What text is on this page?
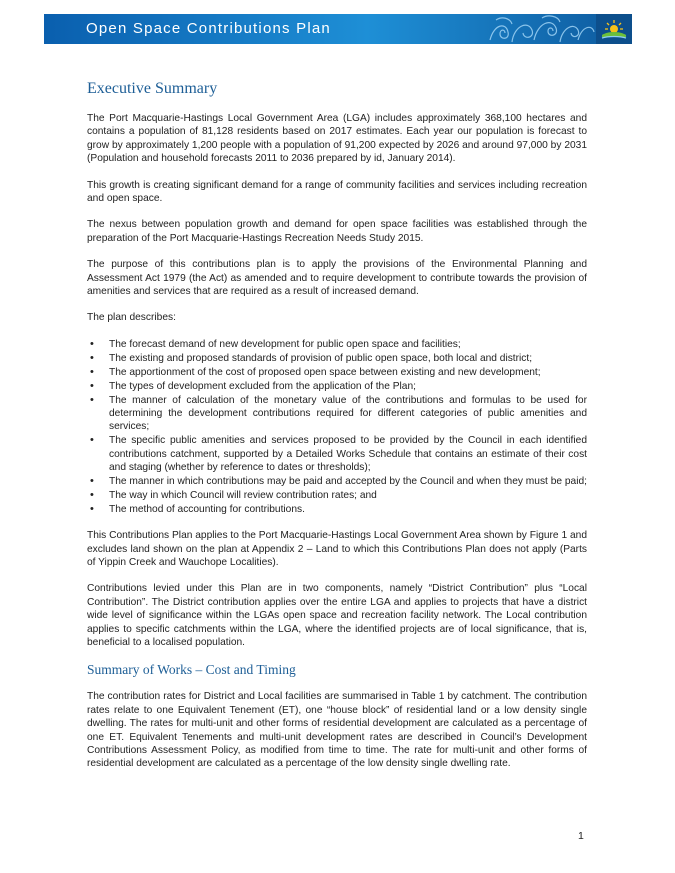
Open Space Contributions Plan
Executive Summary

The Port Macquarie-Hastings Local Government Area (LGA) includes approximately 368,100 hectares and contains a population of 81,128 residents based on 2017 estimates. Each year our population is forecast to grow by approximately 1,200 people with a population of 91,200 expected by 2026 and around 97,000 by 2031 (Population and household forecasts 2011 to 2036 prepared by id, January 2014).

This growth is creating significant demand for a range of community facilities and services including recreation and open space.

The nexus between population growth and demand for open space facilities was established through the preparation of the Port Macquarie-Hastings Recreation Needs Study 2015.

The purpose of this contributions plan is to apply the provisions of the Environmental Planning and Assessment Act 1979 (the Act) as amended and to require development to contribute towards the provision of amenities and services that are required as a result of increased demand.

The plan describes:

• The forecast demand of new development for public open space and facilities;
• The existing and proposed standards of provision of public open space, both local and district;
• The apportionment of the cost of proposed open space between existing and new development;
• The types of development excluded from the application of the Plan;
• The manner of calculation of the monetary value of the contributions and formulas to be used for determining the development contributions required for different categories of public amenities and services;
• The specific public amenities and services proposed to be provided by the Council in each identified contributions catchment, supported by a Detailed Works Schedule that contains an estimate of their cost and staging (whether by reference to dates or thresholds);
• The manner in which contributions may be paid and accepted by the Council and when they must be paid;
• The way in which Council will review contribution rates; and
• The method of accounting for contributions.

This Contributions Plan applies to the Port Macquarie-Hastings Local Government Area shown by Figure 1 and excludes land shown on the plan at Appendix 2 – Land to which this Contributions Plan does not apply (Parts of Yippin Creek and Wauchope Localities).

Contributions levied under this Plan are in two components, namely “District Contribution” plus “Local Contribution”. The District contribution applies over the entire LGA and applies to projects that have a district wide level of significance within the LGAs open space and recreation facility network. The Local contribution applies to specific catchments within the LGA, where the identified projects are of local significance, that is, beneficial to a localised population.

Summary of Works – Cost and Timing

The contribution rates for District and Local facilities are summarised in Table 1 by catchment. The contribution rates relate to one Equivalent Tenement (ET), one “house block” of residential land or a low density single dwelling. The rates for multi-unit and other forms of residential development are calculated as a percentage of one ET. Equivalent Tenements and multi-unit development rates are described in Council’s Development Contributions Assessment Policy, as modified from time to time. The rate for multi-unit and other forms of residential development are calculated as a percentage of the low density single dwelling rate.

1
